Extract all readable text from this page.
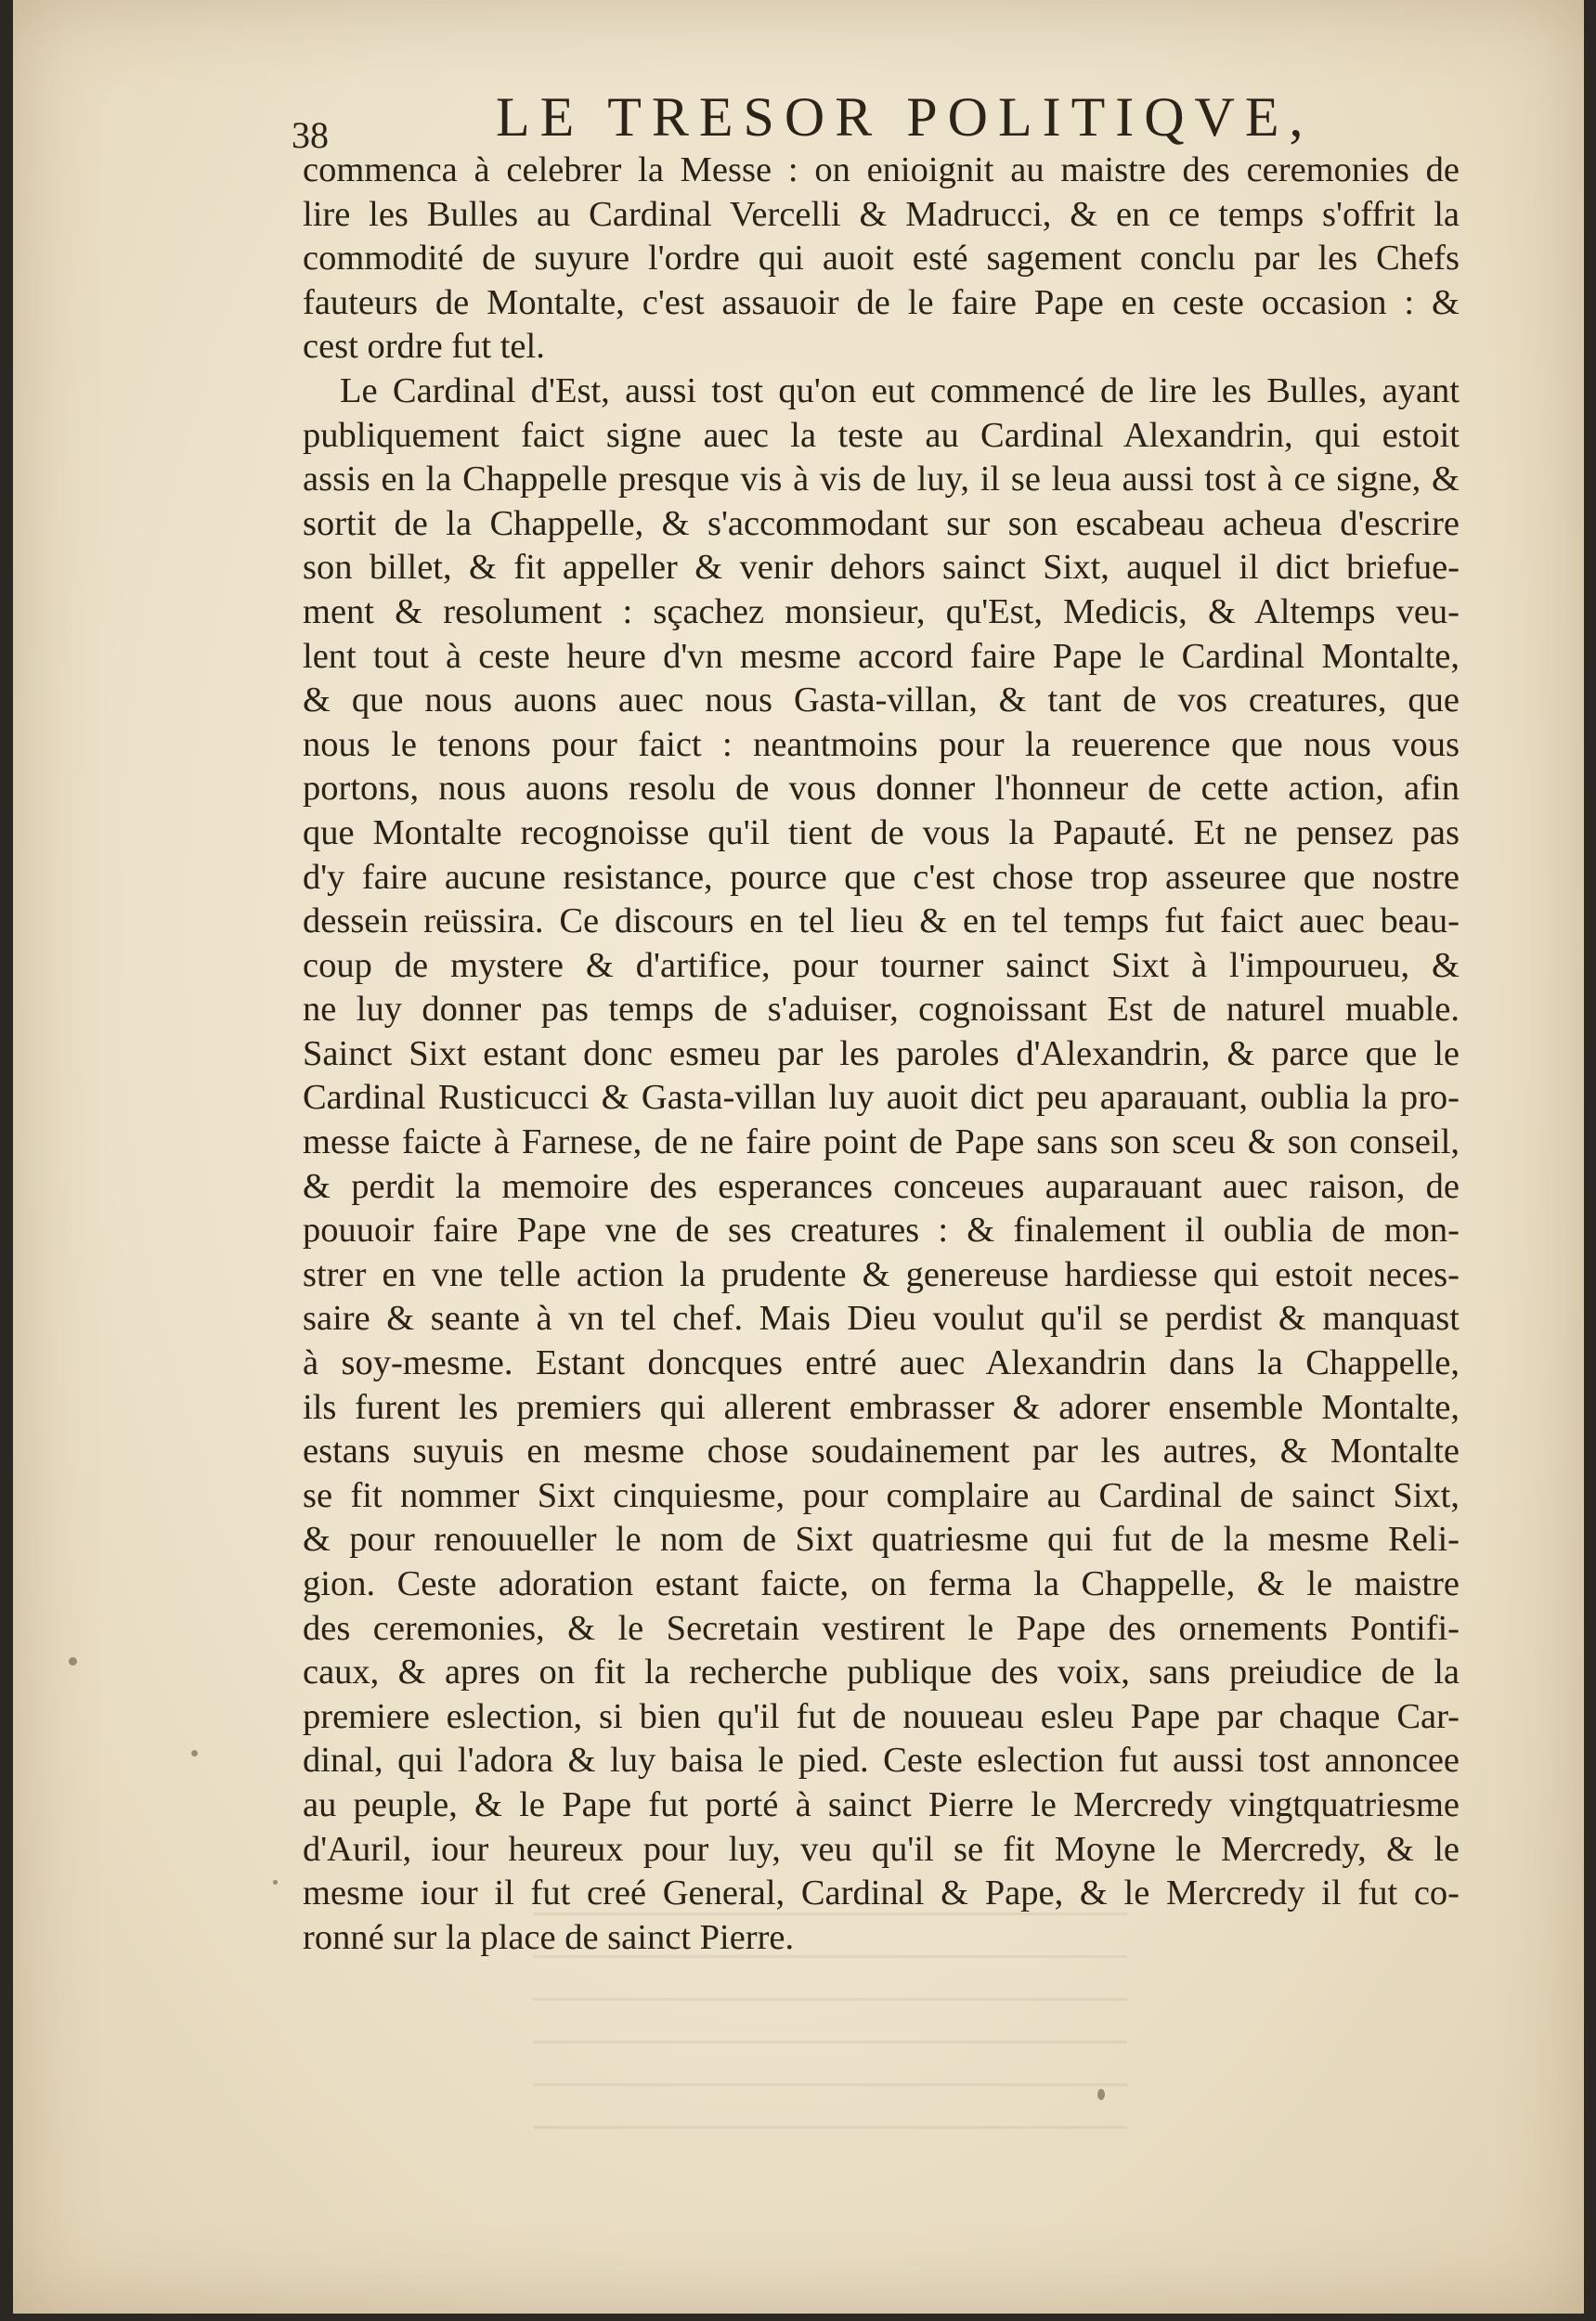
38	LE TRESOR POLITIQVE,
commenca à celebrer la Messe : on enioignit au maistre des ceremonies de
lire les Bulles au Cardinal Vercelli & Madrucci, & en ce temps s'offrit la
commodité de suyure l'ordre qui auoit esté sagement conclu par les Chefs
fauteurs de Montalte, c'est assauoir de le faire Pape en ceste occasion : &
cest ordre fut tel.
Le Cardinal d'Est, aussi tost qu'on eut commencé de lire les Bulles, ayant
publiquement faict signe auec la teste au Cardinal Alexandrin, qui estoit
assis en la Chappelle presque vis à vis de luy, il se leua aussi tost à ce signe, &
sortit de la Chappelle, & s'accommodant sur son escabeau acheua d'escrire
son billet, & fit appeller & venir dehors sainct Sixt, auquel il dict briefue-
ment & resolument : sçachez monsieur, qu'Est, Medicis, & Altemps veu-
lent tout à ceste heure d'vn mesme accord faire Pape le Cardinal Montalte,
& que nous auons auec nous Gasta-villan, & tant de vos creatures, que
nous le tenons pour faict : neantmoins pour la reuerence que nous vous
portons, nous auons resolu de vous donner l'honneur de cette action, afin
que Montalte recognoisse qu'il tient de vous la Papauté. Et ne pensez pas
d'y faire aucune resistance, pource que c'est chose trop asseuree que nostre
dessein reüssira. Ce discours en tel lieu & en tel temps fut faict auec beau-
coup de mystere & d'artifice, pour tourner sainct Sixt à l'impourueu, &
ne luy donner pas temps de s'aduiser, cognoissant Est de naturel muable.
Sainct Sixt estant donc esmeu par les paroles d'Alexandrin, & parce que le
Cardinal Rusticucci & Gasta-villan luy auoit dict peu aparauant, oublia la pro-
messe faicte à Farnese, de ne faire point de Pape sans son sceu & son conseil,
& perdit la memoire des esperances conceues auparauant auec raison, de
pouuoir faire Pape vne de ses creatures : & finalement il oublia de mon-
strer en vne telle action la prudente & genereuse hardiesse qui estoit neces-
saire & seante à vn tel chef. Mais Dieu voulut qu'il se perdist & manquast
à soy-mesme. Estant doncques entré auec Alexandrin dans la Chappelle,
ils furent les premiers qui allerent embrasser & adorer ensemble Montalte,
estans suyuis en mesme chose soudainement par les autres, & Montalte
se fit nommer Sixt cinquiesme, pour complaire au Cardinal de sainct Sixt,
& pour renouueller le nom de Sixt quatriesme qui fut de la mesme Reli-
gion. Ceste adoration estant faicte, on ferma la Chappelle, & le maistre
des ceremonies, & le Secretain vestirent le Pape des ornements Pontifi-
caux, & apres on fit la recherche publique des voix, sans preiudice de la
premiere eslection, si bien qu'il fut de nouueau esleu Pape par chaque Car-
dinal, qui l'adora & luy baisa le pied. Ceste eslection fut aussi tost annoncee
au peuple, & le Pape fut porté à sainct Pierre le Mercredy vingtquatriesme
d'Auril, iour heureux pour luy, veu qu'il se fit Moyne le Mercredy, & le
mesme iour il fut creé General, Cardinal & Pape, & le Mercredy il fut co-
ronné sur la place de sainct Pierre.
